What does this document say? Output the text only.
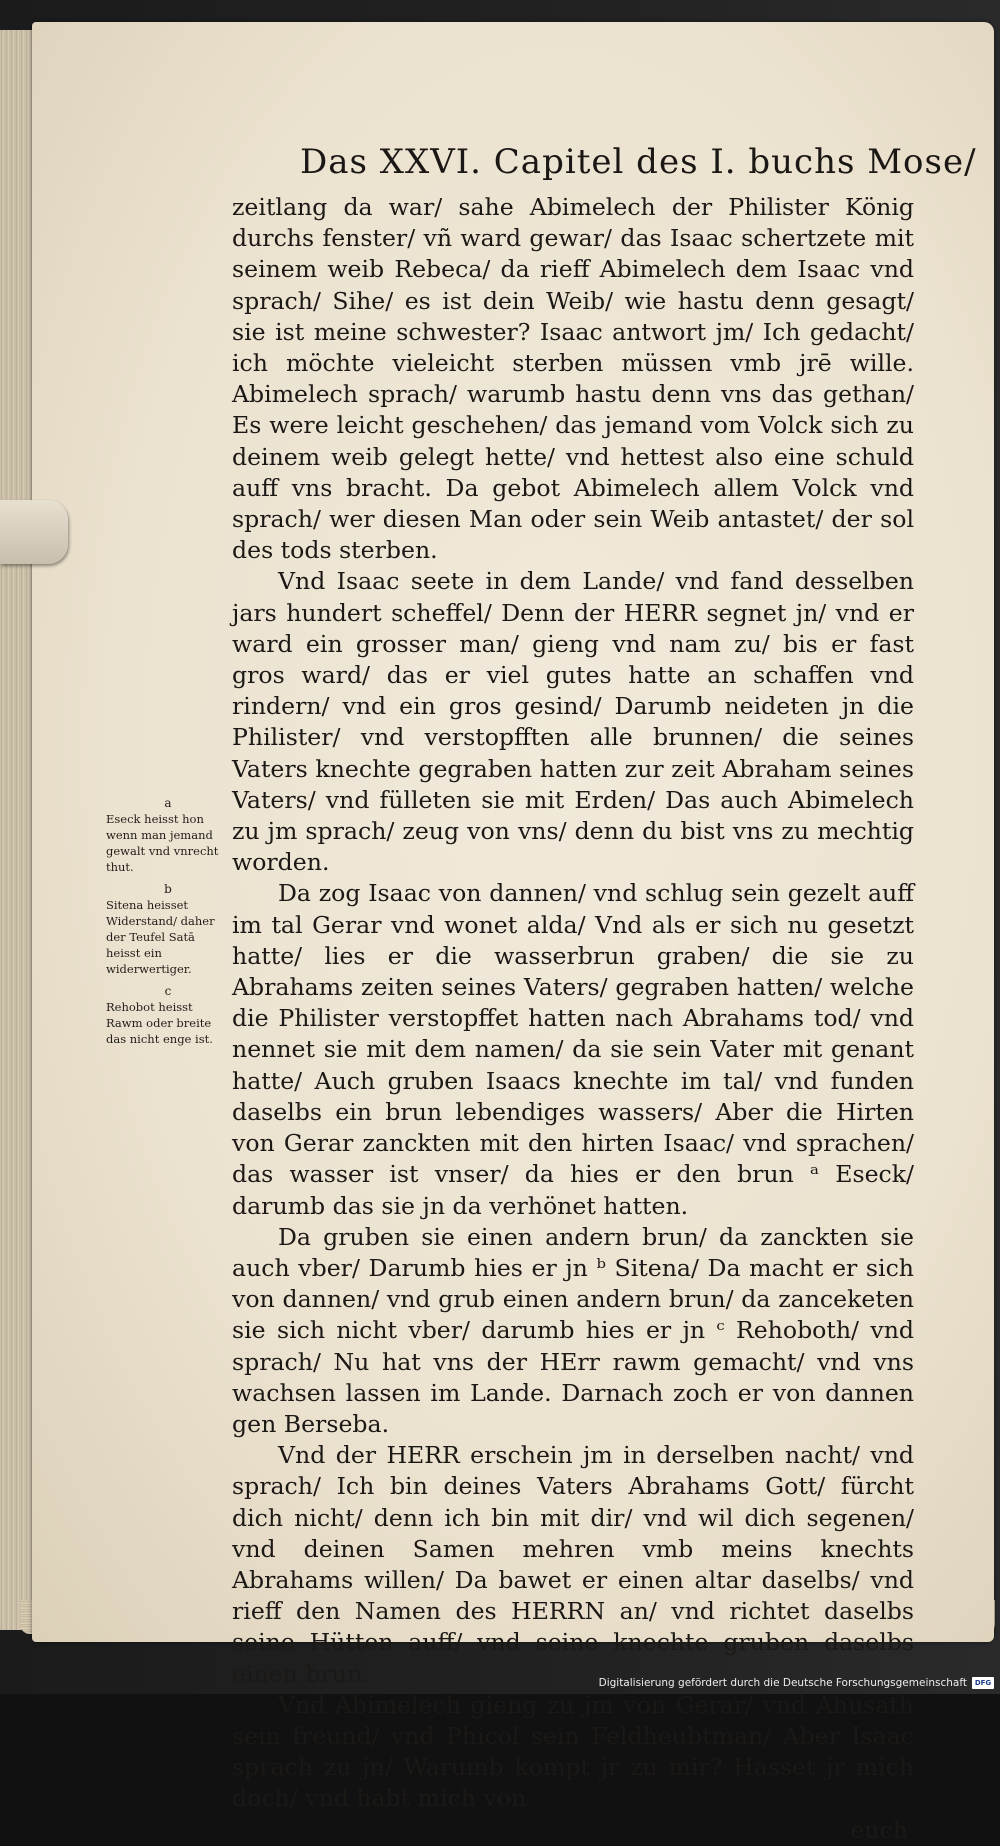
Das XXVI. Capitel des I. buchs Mose/

zeitlang da war/ sahe Abimelech der Philister König durchs fenster/ vñ ward gewar/ das Isaac schertzete mit seinem weib Rebeca/ da rieff Abimelech dem Isaac vnd sprach/ Sihe/ es ist dein Weib/ wie hastu denn gesagt/ sie ist meine schwester? Isaac antwort jm/ Ich gedacht/ ich möchte vieleicht sterben müssen vmb jrē wille. Abimelech sprach/ warumb hastu denn vns das gethan/ Es were leicht geschehen/ das jemand vom Volck sich zu deinem weib gelegt hette/ vnd hettest also eine schuld auff vns bracht. Da gebot Abimelech allem Volck vnd sprach/ wer diesen Man oder sein Weib antastet/ der sol des tods sterben.

Vnd Isaac seete in dem Lande/ vnd fand desselben jars hundert scheffel/ Denn der HERR segnet jn/ vnd er ward ein grosser man/ gieng vnd nam zu/ bis er fast gros ward/ das er viel gutes hatte an schaffen vnd rindern/ vnd ein gros gesind/ Darumb neideten jn die Philister/ vnd verstopfften alle brunnen/ die seines Vaters knechte gegraben hatten zur zeit Abraham seines Vaters/ vnd fülleten sie mit Erden/ Das auch Abimelech zu jm sprach/ zeug von vns/ denn du bist vns zu mechtig worden.

Da zog Isaac von dannen/ vnd schlug sein gezelt auff im tal Gerar vnd wonet alda/ Vnd als er sich nu gesetzt hatte/ lies er die wasserbrun graben/ die sie zu Abrahams zeiten seines Vaters/ gegraben hatten/ welche die Philister verstopffet hatten nach Abrahams tod/ vnd nennet sie mit dem namen/ da sie sein Vater mit genant hatte/ Auch gruben Isaacs knechte im tal/ vnd funden daselbs ein brun lebendiges wassers/ Aber die Hirten von Gerar zanckten mit den hirten Isaac/ vnd sprachen/ das wasser ist vnser/ da hies er den brun ᵃ Eseck/ darumb das sie jn da verhönet hatten.

Da gruben sie einen andern brun/ da zanckten sie auch vber/ Darumb hies er jn ᵇ Sitena/ Da macht er sich von dannen/ vnd grub einen andern brun/ da zanceketen sie sich nicht vber/ darumb hies er jn ᶜ Rehoboth/ vnd sprach/ Nu hat vns der HErr rawm gemacht/ vnd vns wachsen lassen im Lande. Darnach zoch er von dannen gen Berseba.

Vnd der HERR erschein jm in derselben nacht/ vnd sprach/ Ich bin deines Vaters Abrahams Gott/ fürcht dich nicht/ denn ich bin mit dir/ vnd wil dich segenen/ vnd deinen Samen mehren vmb meins knechts Abrahams willen/ Da bawet er einen altar daselbs/ vnd rieff den Namen des HERRN an/ vnd richtet daselbs seine Hütten auff/ vnd seine knechte gruben daselbs einen brun.

Vnd Abimelech gieng zu jm von Gerar/ vnd Ahusath sein freund/ vnd Phicol sein Feldheubtman/ Aber Isaac sprach zu jn/ Warumb kompt jr zu mir? Hasset jr mich doch/ vnd habt mich von

euch
a
Eseck heisst hon wenn man jemand gewalt vnd vnrecht thut.
b
Sitena heisset Widerstand/ daher der Teufel Satā heisst ein widerwertiger.
c
Rehobot heisst Rawm oder breite das nicht enge ist.
Digitalisierung gefördert durch die Deutsche Forschungsgemeinschaft	DFG
